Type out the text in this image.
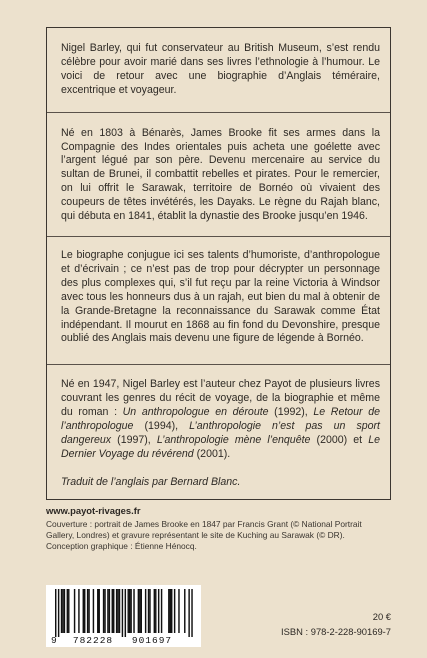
Nigel Barley, qui fut conservateur au British Museum, s’est rendu célèbre pour avoir marié dans ses livres l’ethnologie à l’humour. Le voici de retour avec une biographie d’Anglais téméraire, excentrique et voyageur.

Né en 1803 à Bénarès, James Brooke fit ses armes dans la Compagnie des Indes orientales puis acheta une goélette avec l’argent légué par son père. Devenu mercenaire au service du sultan de Brunei, il combattit rebelles et pirates. Pour le remercier, on lui offrit le Sarawak, territoire de Bornéo où vivaient des coupeurs de têtes invétérés, les Dayaks. Le règne du Rajah blanc, qui débuta en 1841, établit la dynastie des Brooke jusqu’en 1946.

Le biographe conjugue ici ses talents d’humoriste, d’anthropologue et d’écrivain ; ce n’est pas de trop pour décrypter un personnage des plus complexes qui, s’il fut reçu par la reine Victoria à Windsor avec tous les honneurs dus à un rajah, eut bien du mal à obtenir de la Grande-Bretagne la reconnaissance du Sarawak comme État indépendant. Il mourut en 1868 au fin fond du Devonshire, presque oublié des Anglais mais devenu une figure de légende à Bornéo.

Né en 1947, Nigel Barley est l’auteur chez Payot de plusieurs livres couvrant les genres du récit de voyage, de la biographie et même du roman : Un anthropologue en déroute (1992), Le Retour de l’anthropologue (1994), L’anthropologie n’est pas un sport dangereux (1997), L’anthropologie mène l’enquête (2000) et Le Dernier Voyage du révérend (2001).

Traduit de l’anglais par Bernard Blanc.

www.payot-rivages.fr

Couverture : portrait de James Brooke en 1847 par Francis Grant (© National Portrait Gallery, Londres) et gravure représentant le site de Kuching au Sarawak (© DR).

Conception graphique : Étienne Hénocq.

9 782228 901697
20 €
ISBN : 978-2-228-90169-7
